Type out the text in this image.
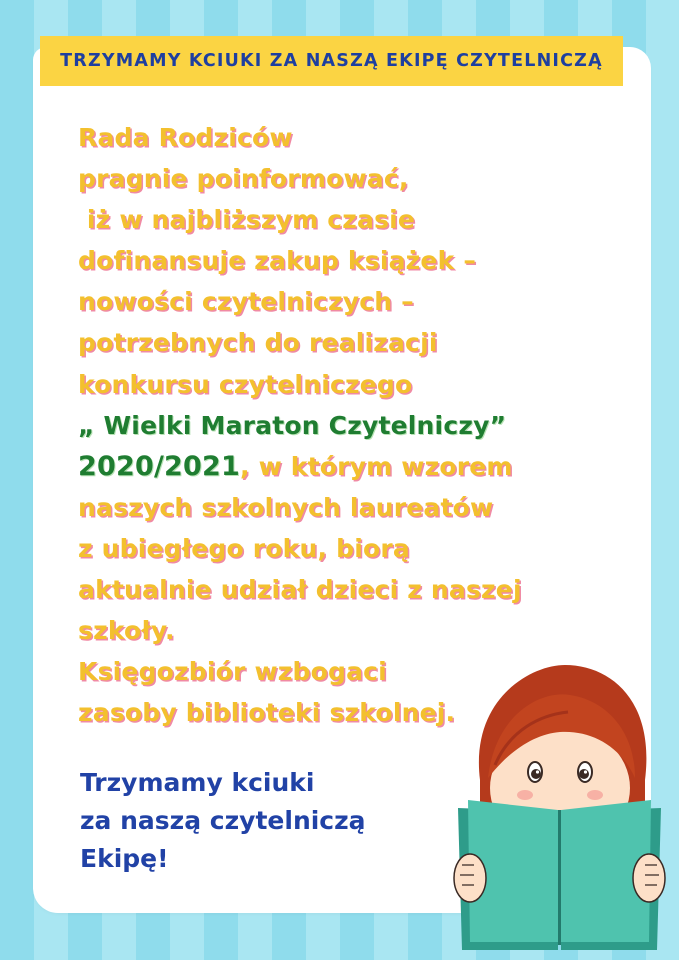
TRZYMAMY KCIUKI ZA NASZĄ EKIPĘ CZYTELNICZĄ
Rada Rodziców
pragnie poinformować,
iż w najbliższym czasie
dofinansuje zakup książek –
nowości czytelniczych –
potrzebnych do realizacji
konkursu czytelniczego
„ Wielki Maraton Czytelniczy”
2020/2021, w którym wzorem
naszych szkolnych laureatów
z ubiegłego roku, biorą
aktualnie udział dzieci z naszej
szkoły.
Księgozbiór wzbogaci
zasoby biblioteki szkolnej.
Trzymamy kciuki
za naszą czytelniczą
Ekipę!
